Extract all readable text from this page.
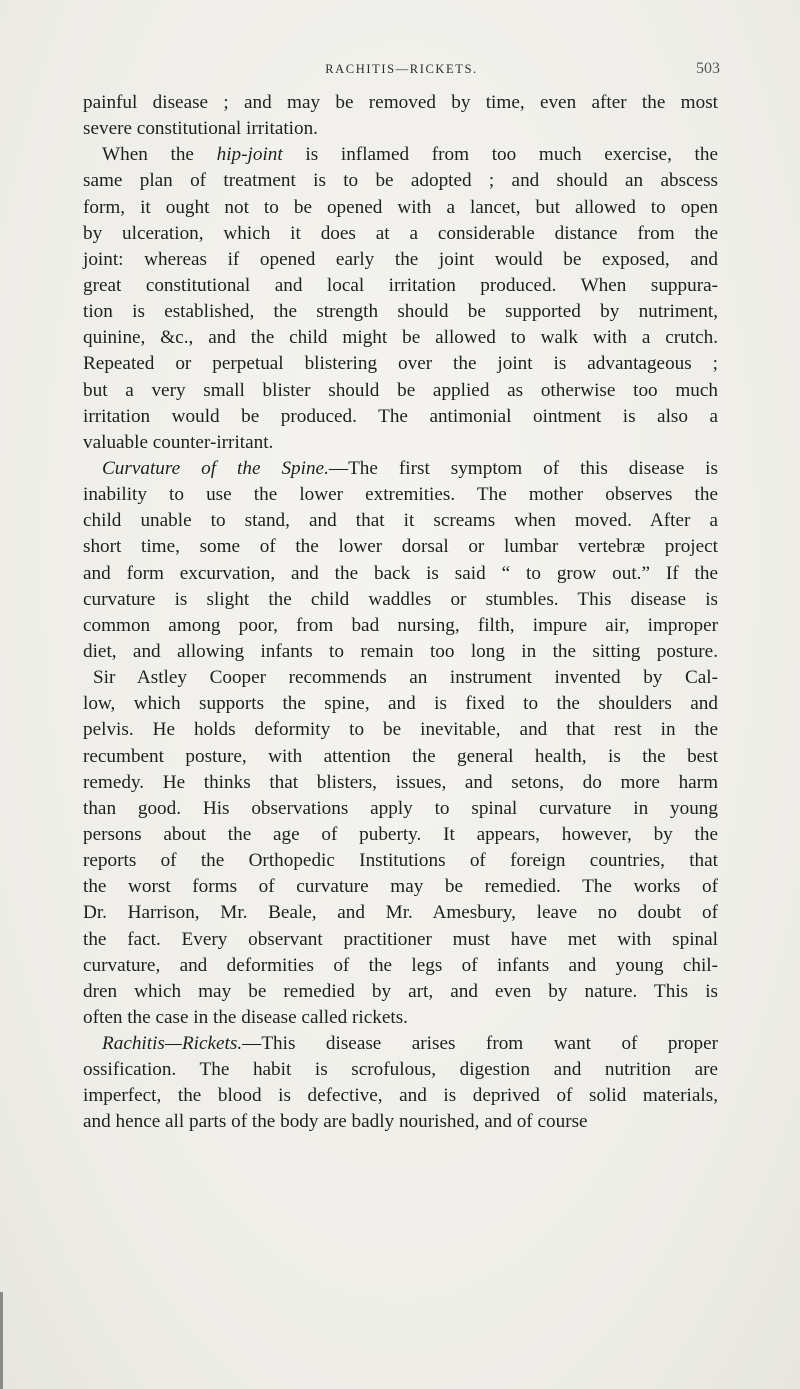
RACHITIS—RICKETS.	503
painful disease ; and may be removed by time, even after the most
severe constitutional irritation.
When the hip-joint is inflamed from too much exercise, the
same plan of treatment is to be adopted ; and should an abscess
form, it ought not to be opened with a lancet, but allowed to open
by ulceration, which it does at a considerable distance from the
joint: whereas if opened early the joint would be exposed, and
great constitutional and local irritation produced. When suppura-
tion is established, the strength should be supported by nutriment,
quinine, &c., and the child might be allowed to walk with a crutch.
Repeated or perpetual blistering over the joint is advantageous ;
but a very small blister should be applied as otherwise too much
irritation would be produced. The antimonial ointment is also a
valuable counter-irritant.
Curvature of the Spine.—The first symptom of this disease is
inability to use the lower extremities. The mother observes the
child unable to stand, and that it screams when moved. After a
short time, some of the lower dorsal or lumbar vertebræ project
and form excurvation, and the back is said “ to grow out.” If the
curvature is slight the child waddles or stumbles. This disease is
common among poor, from bad nursing, filth, impure air, improper
diet, and allowing infants to remain too long in the sitting posture.
Sir Astley Cooper recommends an instrument invented by Cal-
low, which supports the spine, and is fixed to the shoulders and
pelvis. He holds deformity to be inevitable, and that rest in the
recumbent posture, with attention the general health, is the best
remedy. He thinks that blisters, issues, and setons, do more harm
than good. His observations apply to spinal curvature in young
persons about the age of puberty. It appears, however, by the
reports of the Orthopedic Institutions of foreign countries, that
the worst forms of curvature may be remedied. The works of
Dr. Harrison, Mr. Beale, and Mr. Amesbury, leave no doubt of
the fact. Every observant practitioner must have met with spinal
curvature, and deformities of the legs of infants and young chil-
dren which may be remedied by art, and even by nature. This is
often the case in the disease called rickets.
Rachitis—Rickets.—This disease arises from want of proper
ossification. The habit is scrofulous, digestion and nutrition are
imperfect, the blood is defective, and is deprived of solid materials,
and hence all parts of the body are badly nourished, and of course
